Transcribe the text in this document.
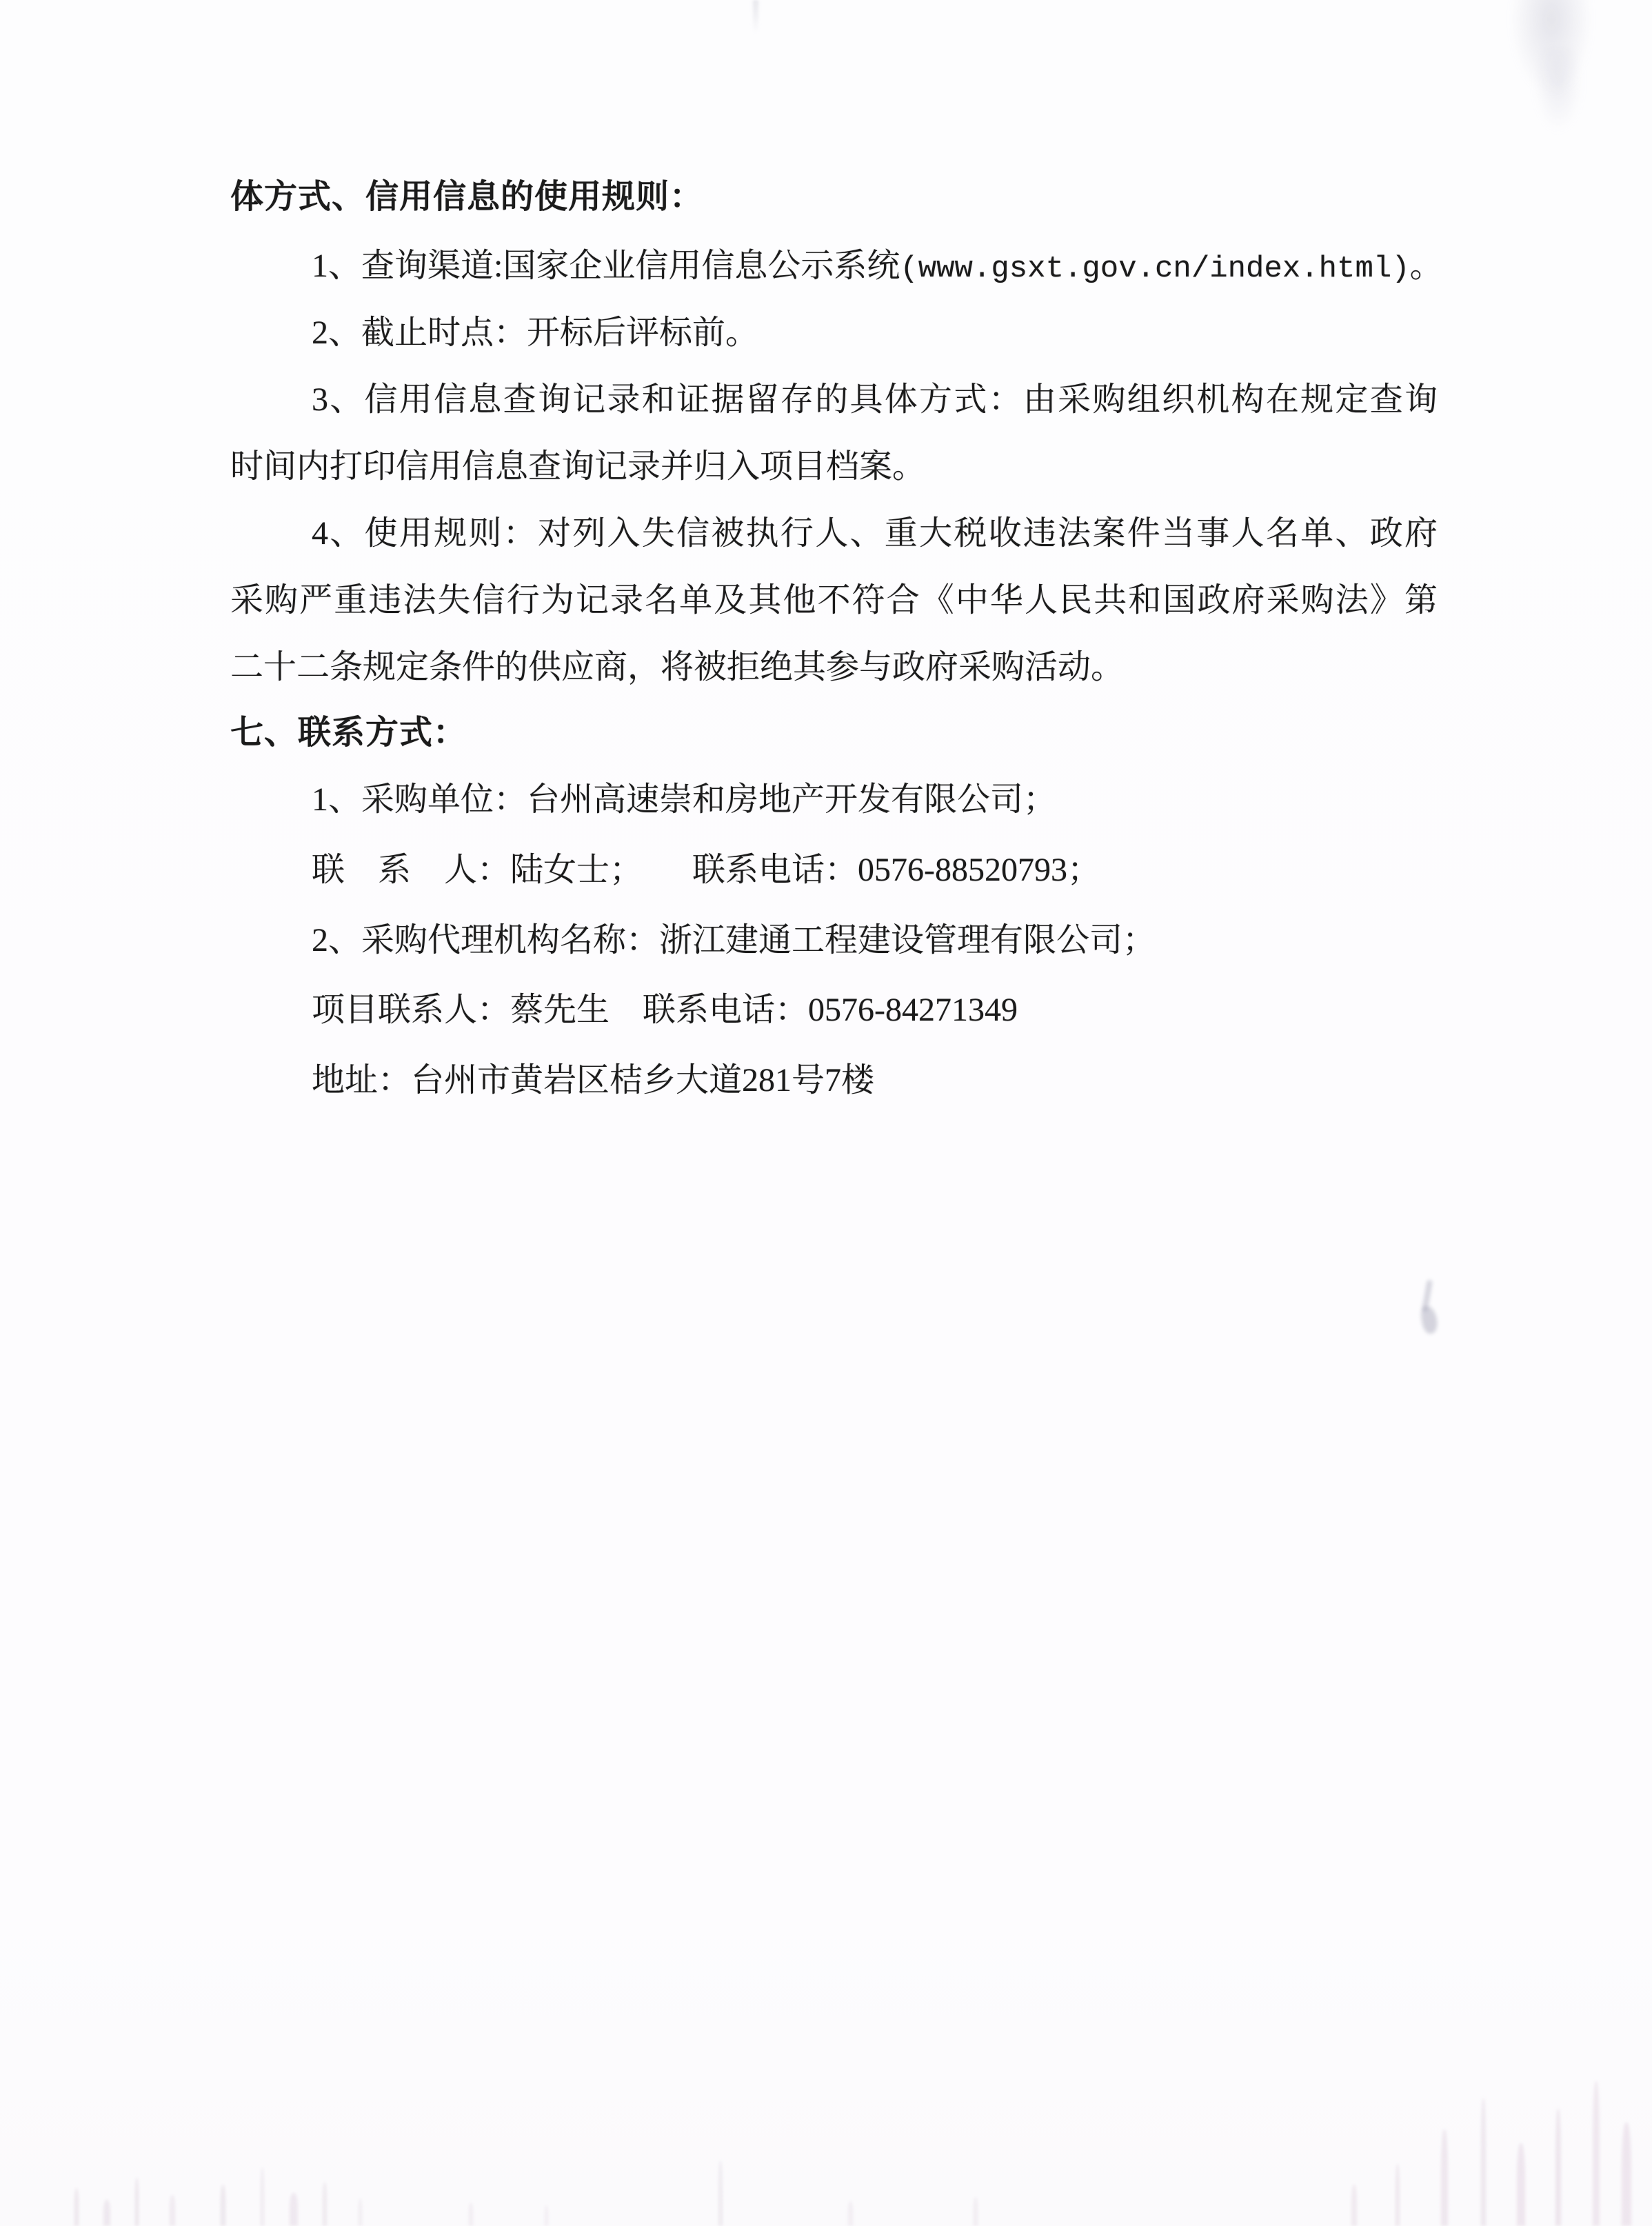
体方式、信用信息的使用规则：
1、查询渠道:国家企业信用信息公示系统(www.gsxt.gov.cn/index.html)。
2、截止时点：开标后评标前。
3、信用信息查询记录和证据留存的具体方式：由采购组织机构在规定查询
时间内打印信用信息查询记录并归入项目档案。
4、使用规则：对列入失信被执行人、重大税收违法案件当事人名单、政府
采购严重违法失信行为记录名单及其他不符合《中华人民共和国政府采购法》第
二十二条规定条件的供应商，将被拒绝其参与政府采购活动。
七、联系方式：
1、采购单位：台州高速崇和房地产开发有限公司；
联　系　人：陆女士；　　联系电话：0576-88520793；
2、采购代理机构名称：浙江建通工程建设管理有限公司；
项目联系人：蔡先生　联系电话：0576-84271349
地址：台州市黄岩区桔乡大道281号7楼
